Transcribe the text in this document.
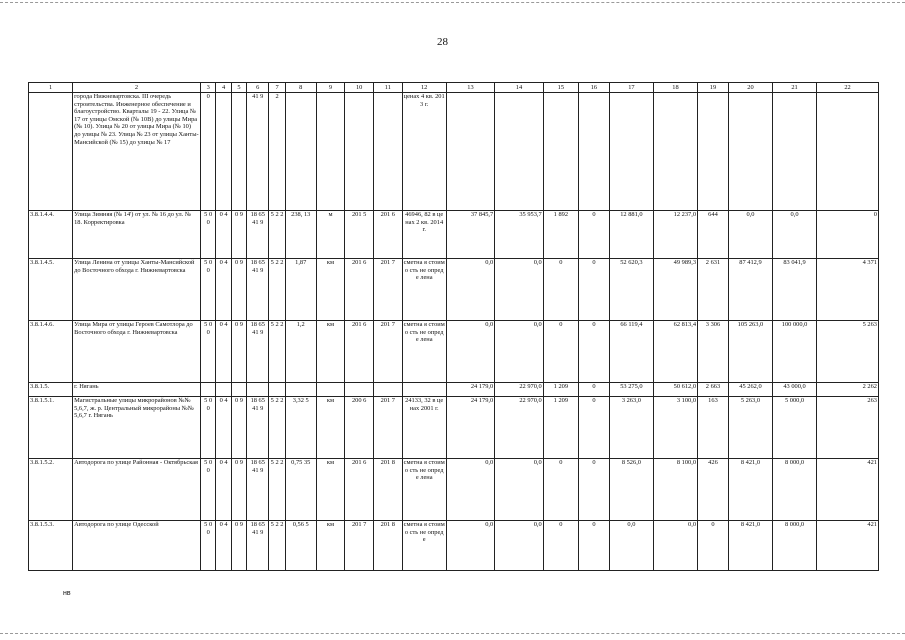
28
1	2	3	4	5	6	7	8	9	10	11	12	13	14	15	16	17	18	19	20	21	22
	города Нижневартовска. III очередь строительства. Инженерное обеспечение и благоустройство. Кварталы 19 - 22. Улица № 17 от улицы Омской (№ 10В) до улицы Мира (№ 10). Улица № 20 от улицы Мира (№ 10) до улицы № 23. Улица № 23 от улицы Ханты-Мансийской (№ 15) до улицы № 17	0			41 9	2					ценах 4 кв. 2013 г.										
3.8.1.4.4.	Улица Зимняя (№ 14') от ул. № 16 до ул. № 18. Корректировка	5 0 0	0 4	0 9	18 65 41 9	5 2 2	238, 13	м	201 5	201 6	46946, 82 в ценах 2 кв. 2014 г.	37 845,7	35 953,7	1 892	0	12 881,0	12 237,0	644	0,0	0,0	0
3.8.1.4.5.	Улица Ленина от улицы Ханты-Мансийской до Восточного обхода г. Нижневартовска	5 0 0	0 4	0 9	18 65 41 9	5 2 2	1,87	км	201 6	201 7	сметна я стоимо сть не опреде лена	0,0	0,0	0	0	52 620,3	49 989,3	2 631	87 412,9	83 041,9	4 371
3.8.1.4.6.	Улица Мира от улицы Героев Самотлора до Восточного обхода г. Нижневартовска	5 0 0	0 4	0 9	18 65 41 9	5 2 2	1,2	км	201 6	201 7	сметна я стоимо сть не опреде лена	0,0	0,0	0	0	66 119,4	62 813,4	3 306	105 263,0	100 000,0	5 263
3.8.1.5.	г. Нягань											24 179,0	22 970,0	1 209	0	53 275,0	50 612,0	2 663	45 262,0	43 000,0	2 262
3.8.1.5.1.	Магистральные улицы микрорайонов №№ 5,6,7, ж. р. Центральный микрорайоны №№ 5,6,7 г. Нягань	5 0 0	0 4	0 9	18 65 41 9	5 2 2	3,32 5	км	200 6	201 7	24133, 32 в ценах 2001 г.	24 179,0	22 970,0	1 209	0	3 263,0	3 100,0	163	5 263,0	5 000,0	263
3.8.1.5.2.	Автодорога по улице Районная - Октябрьская	5 0 0	0 4	0 9	18 65 41 9	5 2 2	0,75 35	км	201 6	201 8	сметна я стоимо сть не опреде лена	0,0	0,0	0	0	8 526,0	8 100,0	426	8 421,0	8 000,0	421
3.8.1.5.3.	Автодорога по улице Одесской	5 0 0	0 4	0 9	18 65 41 9	5 2 2	0,56 5	км	201 7	201 8	сметна я стоимо сть не опреде	0,0	0,0	0	0	0,0	0,0	0	8 421,0	8 000,0	421
нв
